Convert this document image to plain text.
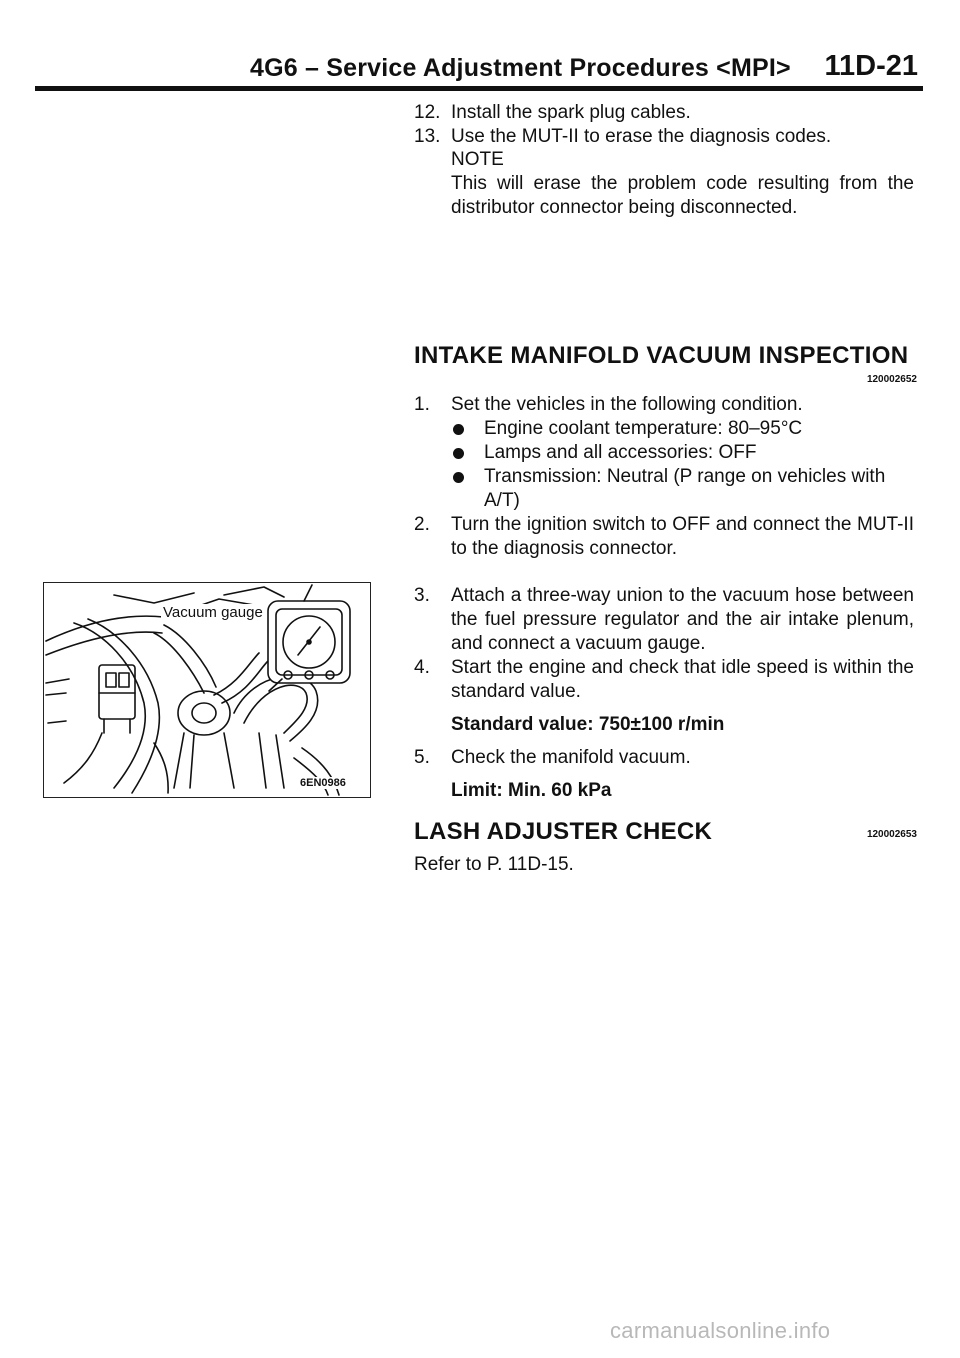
4G6 – Service Adjustment Procedures <MPI> 11D-21
12. Install the spark plug cables.
13. Use the MUT-II to erase the diagnosis codes.
NOTE
This will erase the problem code resulting from the distributor connector being disconnected.
INTAKE MANIFOLD VACUUM INSPECTION
120002652
1. Set the vehicles in the following condition.
Engine coolant temperature: 80–95°C
Lamps and all accessories: OFF
Transmission: Neutral (P range on vehicles with A/T)
2. Turn the ignition switch to OFF and connect the MUT-II to the diagnosis connector.
3. Attach a three-way union to the vacuum hose between the fuel pressure regulator and the air intake plenum, and connect a vacuum gauge.
4. Start the engine and check that idle speed is within the standard value.
Standard value: 750±100 r/min
5. Check the manifold vacuum.
Limit: Min. 60 kPa
Vacuum gauge
6EN0986
LASH ADJUSTER CHECK	120002653
Refer to P. 11D-15.
carmanualsonline.info
